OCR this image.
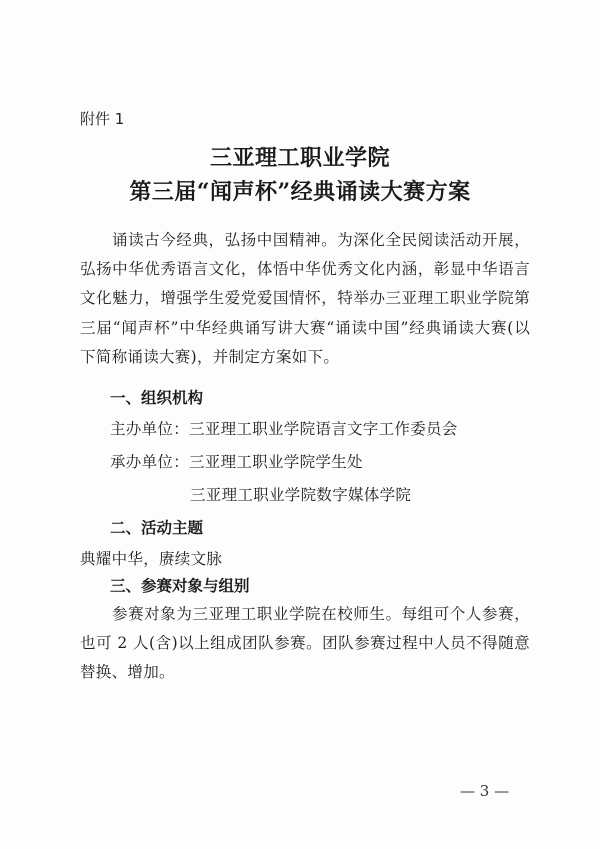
附件 1
三亚理工职业学院
第三届“闻声杯”经典诵读大赛方案

诵读古今经典，弘扬中国精神。为深化全民阅读活动开展，弘扬中华优秀语言文化，体悟中华优秀文化内涵，彰显中华语言文化魅力，增强学生爱党爱国情怀，特举办三亚理工职业学院第三届“闻声杯”中华经典诵写讲大赛“诵读中国”经典诵读大赛(以下简称诵读大赛)，并制定方案如下。

一、组织机构
主办单位：三亚理工职业学院语言文字工作委员会
承办单位：三亚理工职业学院学生处
三亚理工职业学院数字媒体学院
二、活动主题
典耀中华，赓续文脉
三、参赛对象与组别

参赛对象为三亚理工职业学院在校师生。每组可个人参赛，也可 2 人(含)以上组成团队参赛。团队参赛过程中人员不得随意替换、增加。

— 3 —
